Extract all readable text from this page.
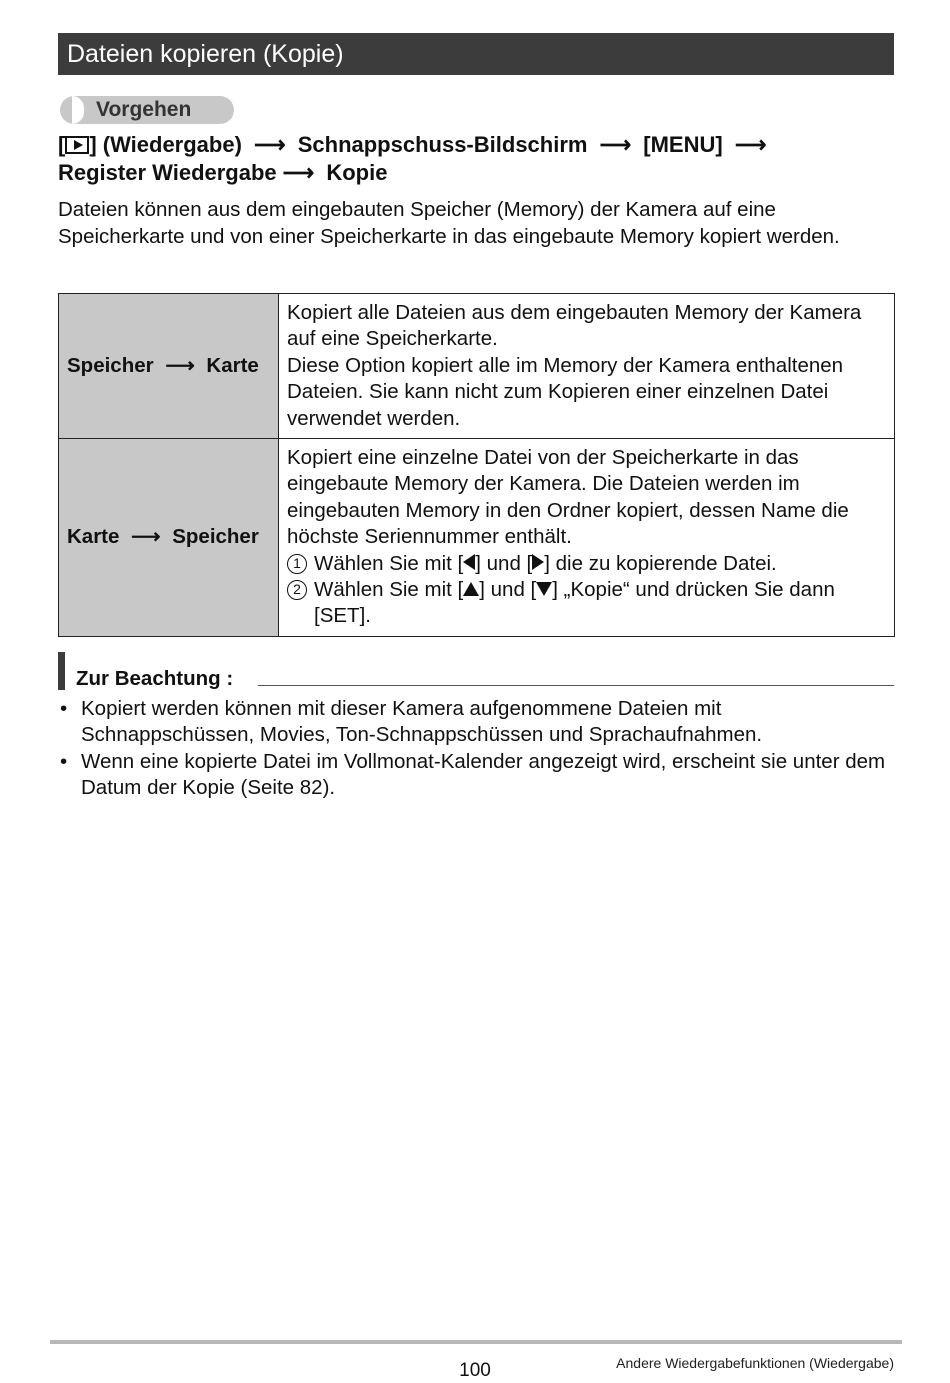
Dateien kopieren (Kopie)
Vorgehen
[ ] (Wiedergabe) ⟶ Schnappschuss-Bildschirm ⟶ [MENU] ⟶
Register Wiedergabe ⟶ Kopie
Dateien können aus dem eingebauten Speicher (Memory) der Kamera auf eine Speicherkarte und von einer Speicherkarte in das eingebaute Memory kopiert werden.
Speicher ⟶ Karte	Kopiert alle Dateien aus dem eingebauten Memory der Kamera auf eine Speicherkarte.
Diese Option kopiert alle im Memory der Kamera enthaltenen Dateien. Sie kann nicht zum Kopieren einer einzelnen Datei verwendet werden.

Karte ⟶ Speicher	Kopiert eine einzelne Datei von der Speicherkarte in das eingebaute Memory der Kamera. Die Dateien werden im eingebauten Memory in den Ordner kopiert, dessen Name die höchste Seriennummer enthält.
1 Wählen Sie mit [ ] und [ ] die zu kopierende Datei.
2 Wählen Sie mit [ ] und [ ] „Kopie“ und drücken Sie dann [SET].
Zur Beachtung :
• Kopiert werden können mit dieser Kamera aufgenommene Dateien mit Schnappschüssen, Movies, Ton-Schnappschüssen und Sprachaufnahmen.
• Wenn eine kopierte Datei im Vollmonat-Kalender angezeigt wird, erscheint sie unter dem Datum der Kopie (Seite 82).
100	Andere Wiedergabefunktionen (Wiedergabe)
